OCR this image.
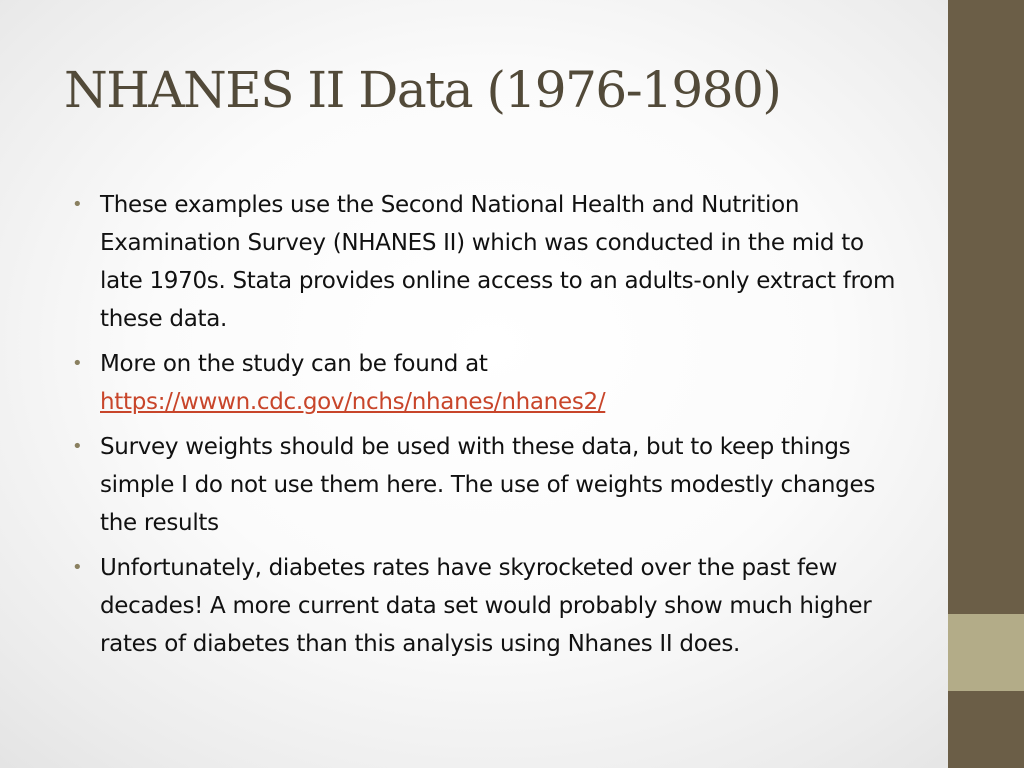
NHANES II Data (1976-1980)
• These examples use the Second National Health and Nutrition Examination Survey (NHANES II) which was conducted in the mid to late 1970s. Stata provides online access to an adults-only extract from these data.
• More on the study can be found at
https://wwwn.cdc.gov/nchs/nhanes/nhanes2/
• Survey weights should be used with these data, but to keep things simple I do not use them here. The use of weights modestly changes the results
• Unfortunately, diabetes rates have skyrocketed over the past few decades! A more current data set would probably show much higher rates of diabetes than this analysis using Nhanes II does.
